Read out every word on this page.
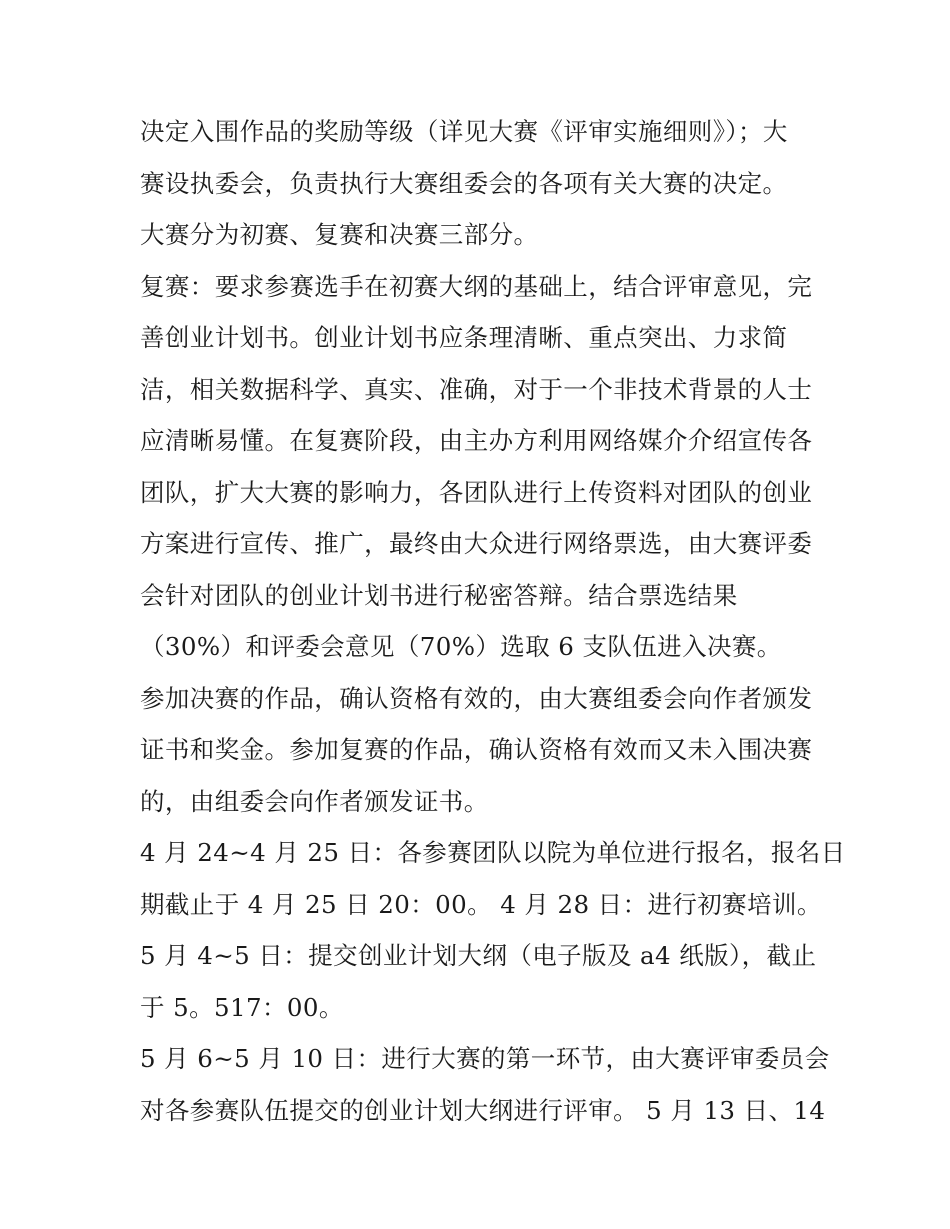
决定入围作品的奖励等级（详见大赛《评审实施细则》）；大
赛设执委会，负责执行大赛组委会的各项有关大赛的决定。
大赛分为初赛、复赛和决赛三部分。
复赛：要求参赛选手在初赛大纲的基础上，结合评审意见，完
善创业计划书。创业计划书应条理清晰、重点突出、力求简
洁，相关数据科学、真实、准确，对于一个非技术背景的人士
应清晰易懂。在复赛阶段，由主办方利用网络媒介介绍宣传各
团队，扩大大赛的影响力，各团队进行上传资料对团队的创业
方案进行宣传、推广，最终由大众进行网络票选，由大赛评委
会针对团队的创业计划书进行秘密答辩。结合票选结果
（30%）和评委会意见（70%）选取 6 支队伍进入决赛。
参加决赛的作品，确认资格有效的，由大赛组委会向作者颁发
证书和奖金。参加复赛的作品，确认资格有效而又未入围决赛
的，由组委会向作者颁发证书。
4 月 24~4 月 25 日：各参赛团队以院为单位进行报名，报名日
期截止于 4 月 25 日 20：00。 4 月 28 日：进行初赛培训。
5 月 4~5 日：提交创业计划大纲（电子版及 a4 纸版），截止
于 5。517：00。
5 月 6~5 月 10 日：进行大赛的第一环节，由大赛评审委员会
对各参赛队伍提交的创业计划大纲进行评审。 5 月 13 日、14
